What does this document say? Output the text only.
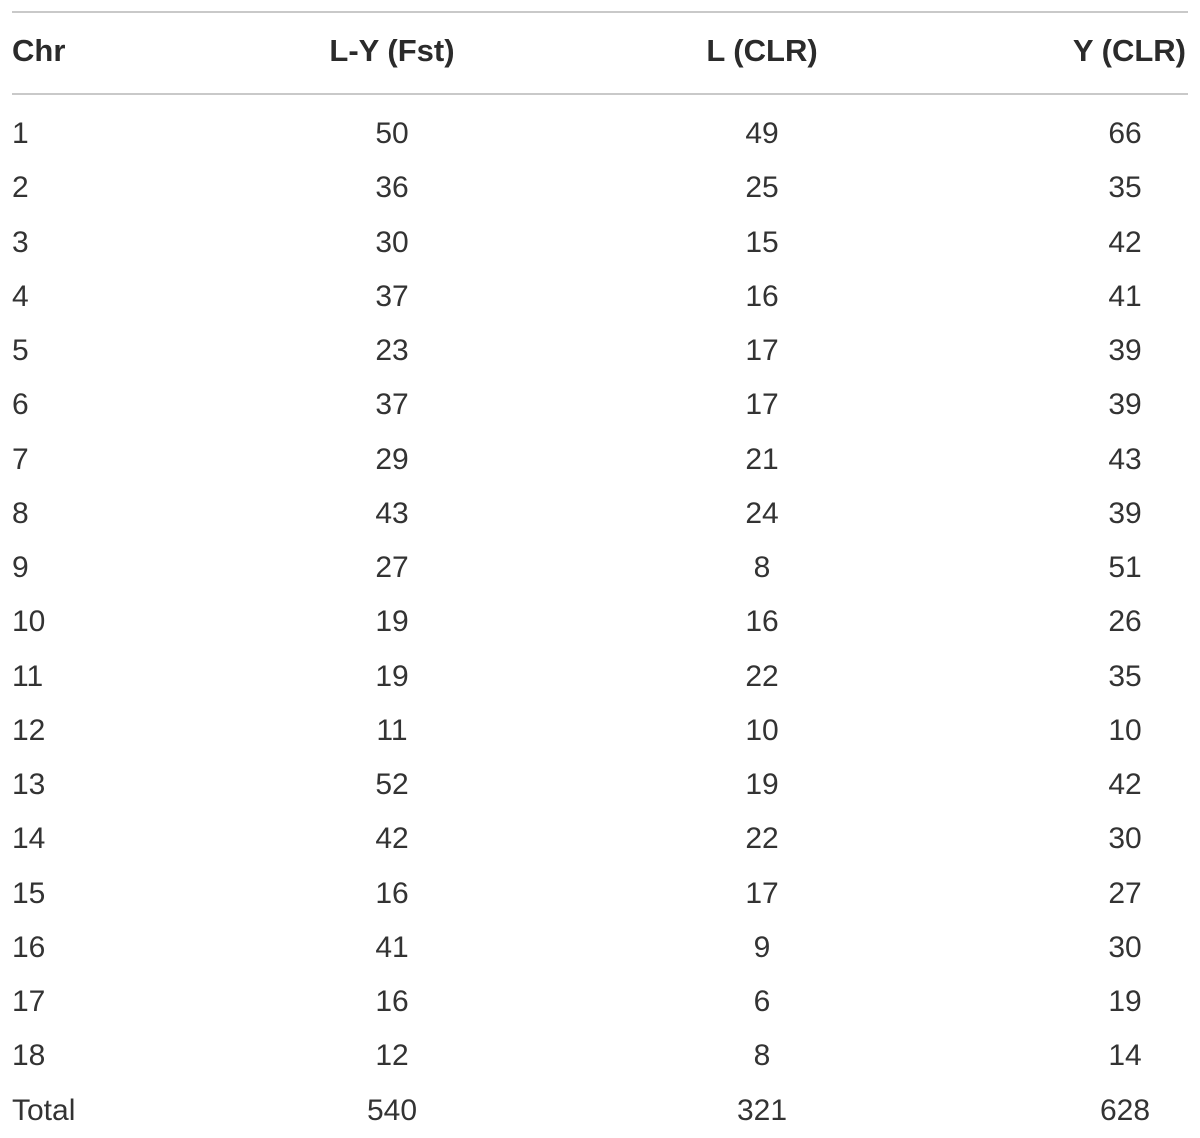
Chr	L-Y (Fst)	L (CLR)	Y (CLR)
1	50	49	66
2	36	25	35
3	30	15	42
4	37	16	41
5	23	17	39
6	37	17	39
7	29	21	43
8	43	24	39
9	27	8	51
10	19	16	26
11	19	22	35
12	11	10	10
13	52	19	42
14	42	22	30
15	16	17	27
16	41	9	30
17	16	6	19
18	12	8	14
Total	540	321	628
